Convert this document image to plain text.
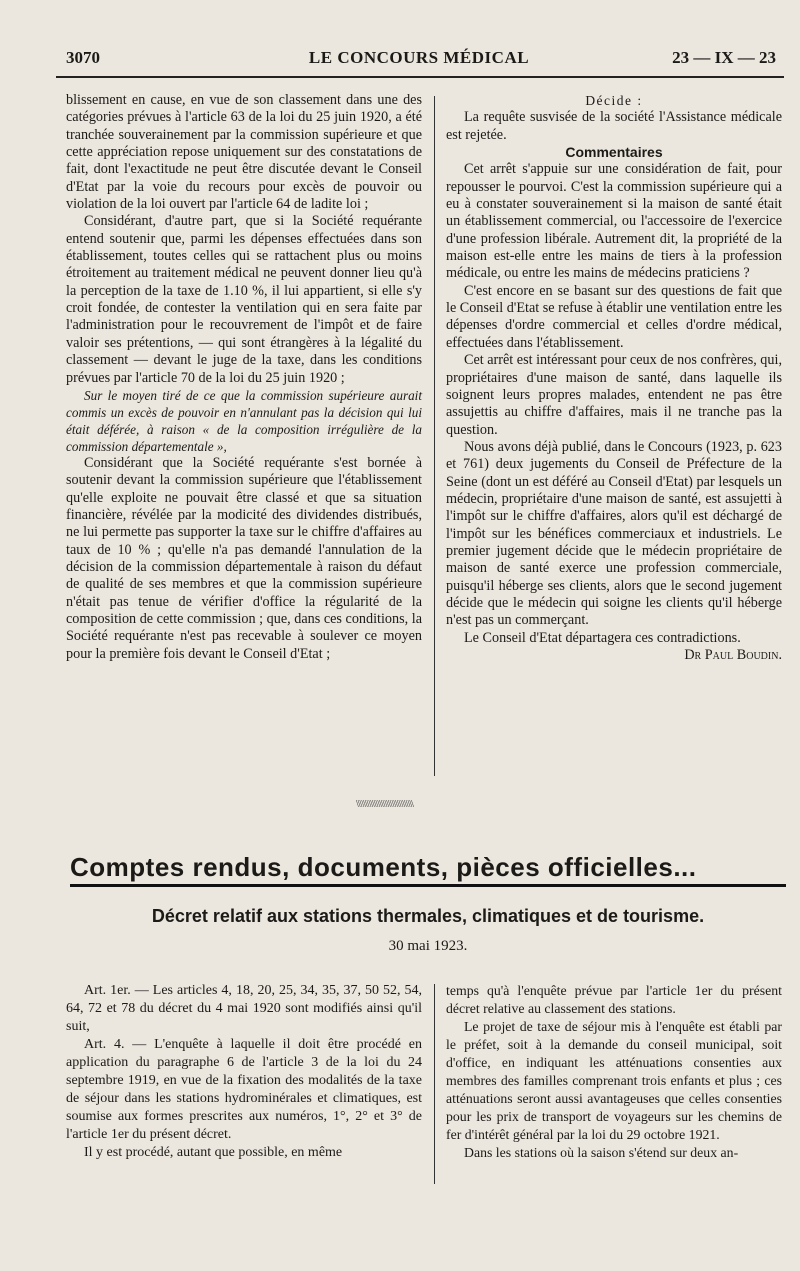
3070	LE CONCOURS MÉDICAL	23 — IX — 23

blissement en cause, en vue de son classement dans une des catégories prévues à l'article 63 de la loi du 25 juin 1920, a été tranchée souverainement par la commission supérieure et que cette appréciation repose uniquement sur des constatations de fait, dont l'exactitude ne peut être discutée devant le Conseil d'Etat par la voie du recours pour excès de pouvoir ou violation de la loi ouvert par l'article 64 de ladite loi ;

Considérant, d'autre part, que si la Société requérante entend soutenir que, parmi les dépenses effectuées dans son établissement, toutes celles qui se rattachent plus ou moins étroitement au traitement médical ne peuvent donner lieu qu'à la perception de la taxe de 1.10 %, il lui appartient, si elle s'y croit fondée, de contester la ventilation qui en sera faite par l'administration pour le recouvrement de l'impôt et de faire valoir ses prétentions, — qui sont étrangères à la légalité du classement — devant le juge de la taxe, dans les conditions prévues par l'article 70 de la loi du 25 juin 1920 ;

Sur le moyen tiré de ce que la commission supérieure aurait commis un excès de pouvoir en n'annulant pas la décision qui lui était déférée, à raison « de la composition irrégulière de la commission départementale »,

Considérant que la Société requérante s'est bornée à soutenir devant la commission supérieure que l'établissement qu'elle exploite ne pouvait être classé et que sa situation financière, révélée par la modicité des dividendes distribués, ne lui permette pas supporter la taxe sur le chiffre d'affaires au taux de 10 % ; qu'elle n'a pas demandé l'annulation de la décision de la commission départementale à raison du défaut de qualité de ses membres et que la commission supérieure n'était pas tenue de vérifier d'office la régularité de la composition de cette commission ; que, dans ces conditions, la Société requérante n'est pas recevable à soulever ce moyen pour la première fois devant le Conseil d'Etat ;

Décide :

La requête susvisée de la société l'Assistance médicale est rejetée.

Commentaires

Cet arrêt s'appuie sur une considération de fait, pour repousser le pourvoi. C'est la commission supérieure qui a eu à constater souverainement si la maison de santé était un établissement commercial, ou l'accessoire de l'exercice d'une profession libérale. Autrement dit, la propriété de la maison est-elle entre les mains de tiers à la profession médicale, ou entre les mains de médecins praticiens ?

C'est encore en se basant sur des questions de fait que le Conseil d'Etat se refuse à établir une ventilation entre les dépenses d'ordre commercial et celles d'ordre médical, effectuées dans l'établissement.

Cet arrêt est intéressant pour ceux de nos confrères, qui, propriétaires d'une maison de santé, dans laquelle ils soignent leurs propres malades, entendent ne pas être assujettis au chiffre d'affaires, mais il ne tranche pas la question.

Nous avons déjà publié, dans le Concours (1923, p. 623 et 761) deux jugements du Conseil de Préfecture de la Seine (dont un est déféré au Conseil d'Etat) par lesquels un médecin, propriétaire d'une maison de santé, est assujetti à l'impôt sur le chiffre d'affaires, alors qu'il est déchargé de l'impôt sur les bénéfices commerciaux et industriels. Le premier jugement décide que le médecin propriétaire de maison de santé exerce une profession commerciale, puisqu'il héberge ses clients, alors que le second jugement décide que le médecin qui soigne les clients qu'il héberge n'est pas un commerçant.

Le Conseil d'Etat départagera ces contradictions.

Dr Paul Boudin.

\\\\\\\\\\\\\\\\\\\\\\\\\\\\\\\\
Comptes rendus, documents, pièces officielles...
Décret relatif aux stations thermales, climatiques et de tourisme.
30 mai 1923.

Art. 1er. — Les articles 4, 18, 20, 25, 34, 35, 37, 50 52, 54, 64, 72 et 78 du décret du 4 mai 1920 sont modifiés ainsi qu'il suit,

Art. 4. — L'enquête à laquelle il doit être procédé en application du paragraphe 6 de l'article 3 de la loi du 24 septembre 1919, en vue de la fixation des modalités de la taxe de séjour dans les stations hydrominérales et climatiques, est soumise aux formes prescrites aux numéros, 1°, 2° et 3° de l'article 1er du présent décret.

Il y est procédé, autant que possible, en même

temps qu'à l'enquête prévue par l'article 1er du présent décret relative au classement des stations.

Le projet de taxe de séjour mis à l'enquête est établi par le préfet, soit à la demande du conseil municipal, soit d'office, en indiquant les atténuations consenties aux membres des familles comprenant trois enfants et plus ; ces atténuations seront aussi avantageuses que celles consenties pour les prix de transport de voyageurs sur les chemins de fer d'intérêt général par la loi du 29 octobre 1921.

Dans les stations où la saison s'étend sur deux an-
